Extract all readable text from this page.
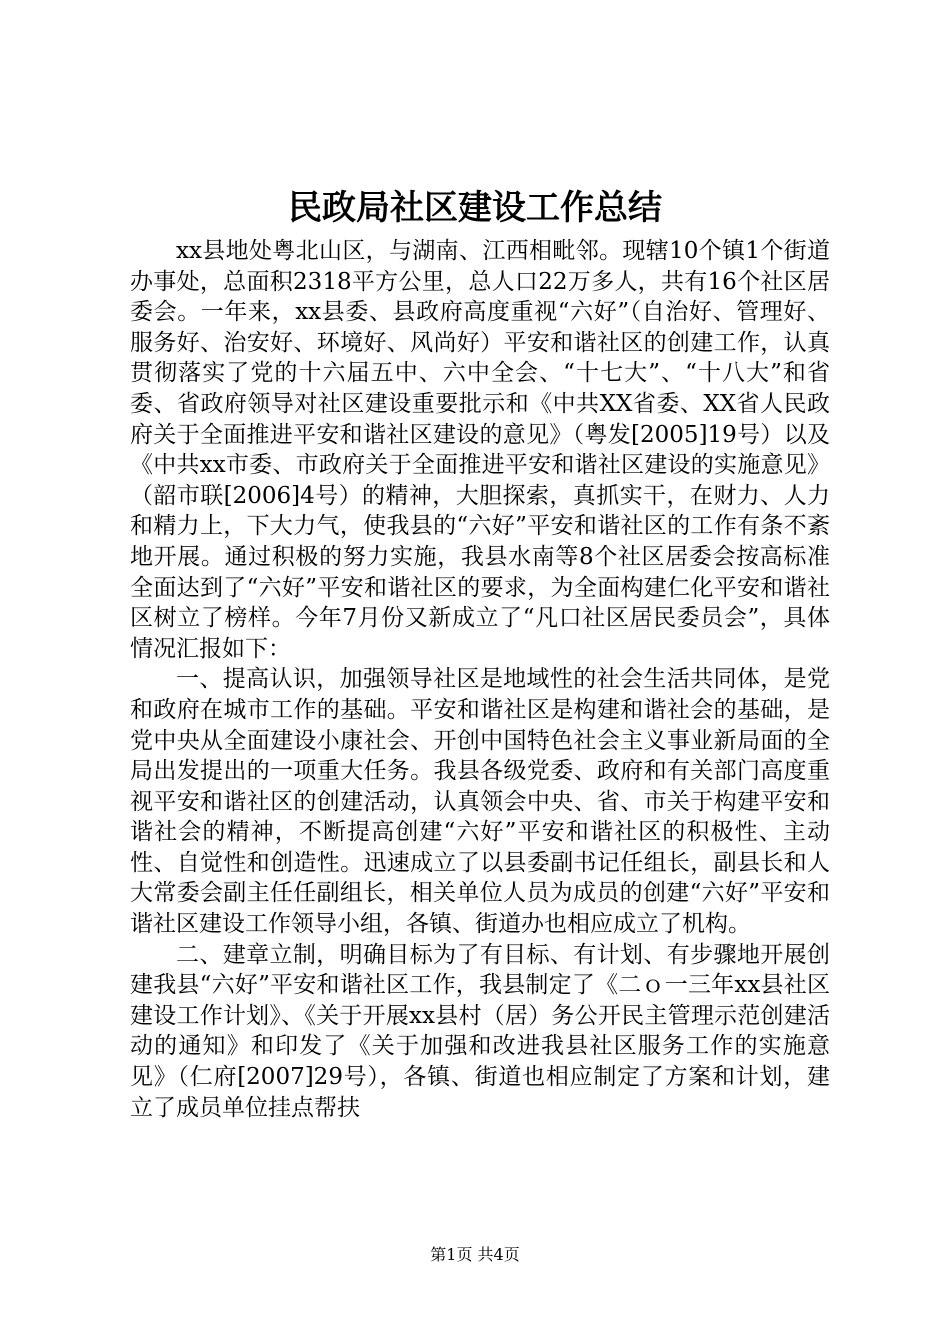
民政局社区建设工作总结

xx县地处粤北山区，与湖南、江西相毗邻。现辖10个镇1个街道办事处，总面积2318平方公里，总人口22万多人，共有16个社区居委会。一年来，xx县委、县政府高度重视“六好”（自治好、管理好、服务好、治安好、环境好、风尚好）平安和谐社区的创建工作，认真贯彻落实了党的十六届五中、六中全会、“十七大”、“十八大”和省委、省政府领导对社区建设重要批示和《中共XX省委、XX省人民政府关于全面推进平安和谐社区建设的意见》（粤发[2005]19号）以及《中共xx市委、市政府关于全面推进平安和谐社区建设的实施意见》（韶市联[2006]4号）的精神，大胆探索，真抓实干，在财力、人力和精力上，下大力气，使我县的“六好”平安和谐社区的工作有条不紊地开展。通过积极的努力实施，我县水南等8个社区居委会按高标准全面达到了“六好”平安和谐社区的要求，为全面构建仁化平安和谐社区树立了榜样。今年7月份又新成立了“凡口社区居民委员会”，具体情况汇报如下：

一、提高认识，加强领导社区是地域性的社会生活共同体，是党和政府在城市工作的基础。平安和谐社区是构建和谐社会的基础，是党中央从全面建设小康社会、开创中国特色社会主义事业新局面的全局出发提出的一项重大任务。我县各级党委、政府和有关部门高度重视平安和谐社区的创建活动，认真领会中央、省、市关于构建平安和谐社会的精神，不断提高创建“六好”平安和谐社区的积极性、主动性、自觉性和创造性。迅速成立了以县委副书记任组长，副县长和人大常委会副主任任副组长，相关单位人员为成员的创建“六好”平安和谐社区建设工作领导小组，各镇、街道办也相应成立了机构。

二、建章立制，明确目标为了有目标、有计划、有步骤地开展创建我县“六好”平安和谐社区工作，我县制定了《二ｏ一三年xx县社区建设工作计划》、《关于开展xx县村（居）务公开民主管理示范创建活动的通知》和印发了《关于加强和改进我县社区服务工作的实施意见》（仁府[2007]29号），各镇、街道也相应制定了方案和计划，建立了成员单位挂点帮扶

第1页 共4页
